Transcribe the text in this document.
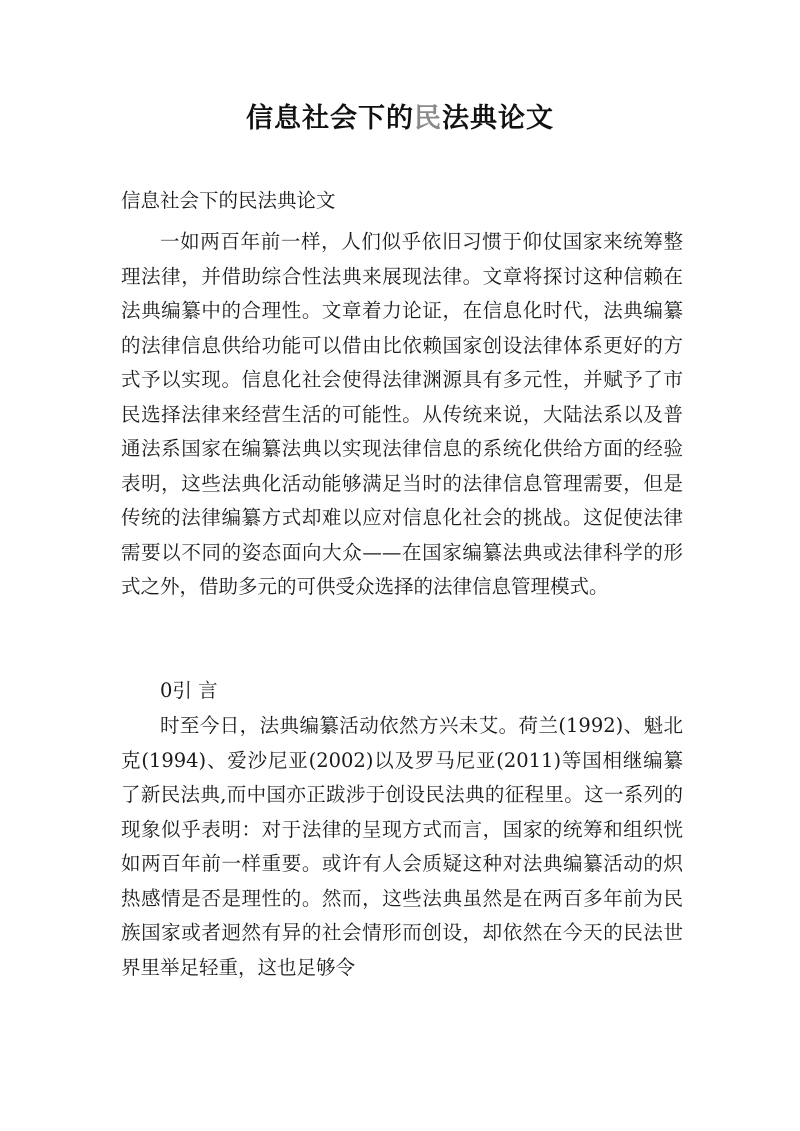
信息社会下的民法典论文
信息社会下的民法典论文

一如两百年前一样，人们似乎依旧习惯于仰仗国家来统筹整理法律，并借助综合性法典来展现法律。文章将探讨这种信赖在法典编纂中的合理性。文章着力论证，在信息化时代，法典编纂的法律信息供给功能可以借由比依赖国家创设法律体系更好的方式予以实现。信息化社会使得法律渊源具有多元性，并赋予了市民选择法律来经营生活的可能性。从传统来说，大陆法系以及普通法系国家在编纂法典以实现法律信息的系统化供给方面的经验表明，这些法典化活动能够满足当时的法律信息管理需要，但是传统的法律编纂方式却难以应对信息化社会的挑战。这促使法律需要以不同的姿态面向大众——在国家编纂法典或法律科学的形式之外，借助多元的可供受众选择的法律信息管理模式。

0引 言

时至今日，法典编纂活动依然方兴未艾。荷兰(1992)、魁北克(1994)、爱沙尼亚(2002)以及罗马尼亚(2011)等国相继编纂了新民法典,而中国亦正跋涉于创设民法典的征程里。这一系列的现象似乎表明：对于法律的呈现方式而言，国家的统筹和组织恍如两百年前一样重要。或许有人会质疑这种对法典编纂活动的炽热感情是否是理性的。然而，这些法典虽然是在两百多年前为民族国家或者迥然有异的社会情形而创设，却依然在今天的民法世界里举足轻重，这也足够令
